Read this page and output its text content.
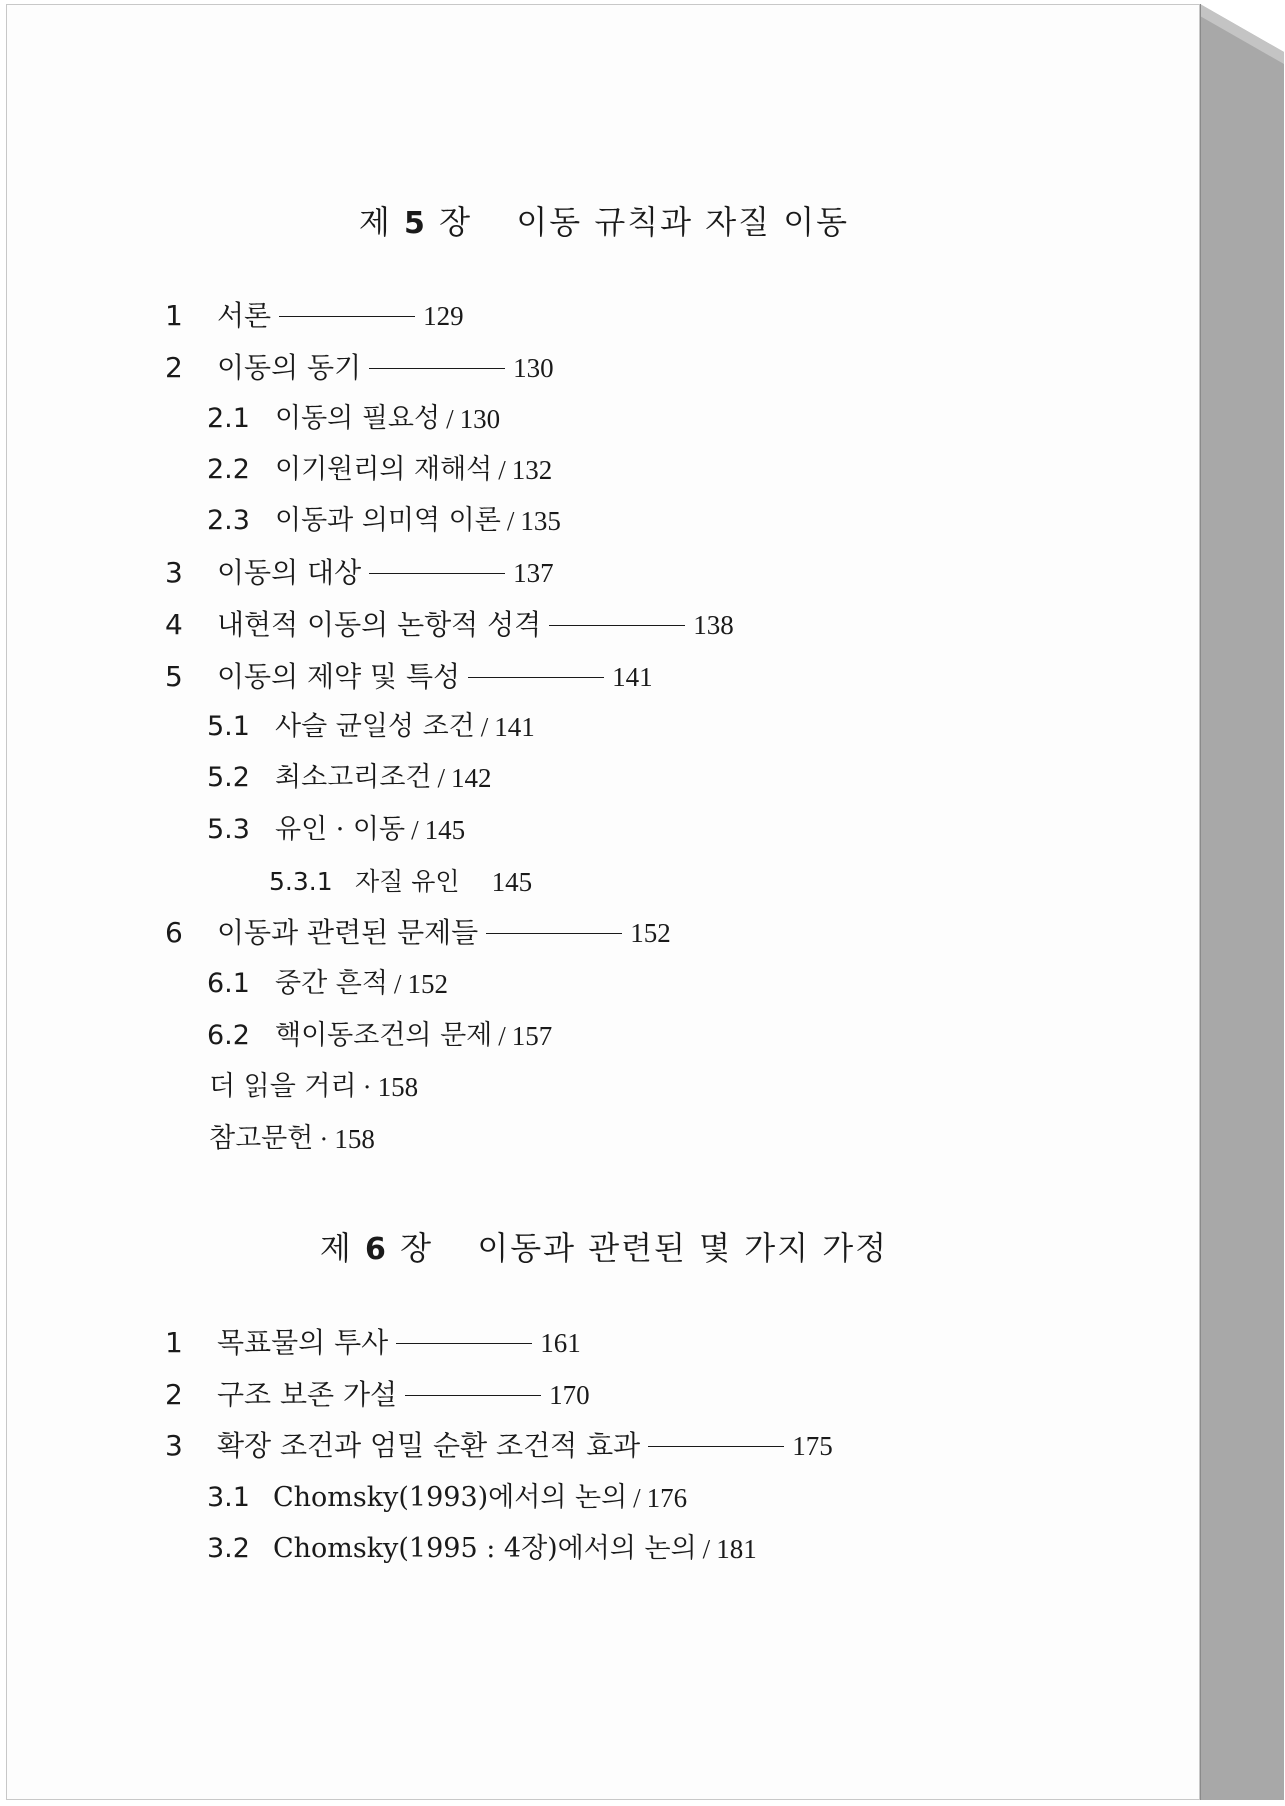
제 5 장 이동 규칙과 자질 이동
1	서론	129
2	이동의 동기	130
2.1 이동의 필요성 / 130
2.2 이기원리의 재해석 / 132
2.3 이동과 의미역 이론 / 135
3	이동의 대상	137
4	내현적 이동의 논항적 성격	138
5	이동의 제약 및 특성	141
5.1 사슬 균일성 조건 / 141
5.2 최소고리조건 / 142
5.3 유인 · 이동 / 145
5.3.1 자질 유인 145
6	이동과 관련된 문제들	152
6.1 중간 흔적 / 152
6.2 핵이동조건의 문제 / 157
더 읽을 거리 · 158
참고문헌 · 158
제 6 장 이동과 관련된 몇 가지 가정
1	목표물의 투사	161
2	구조 보존 가설	170
3	확장 조건과 엄밀 순환 조건적 효과	175
3.1 Chomsky(1993)에서의 논의 / 176
3.2 Chomsky(1995 : 4장)에서의 논의 / 181
